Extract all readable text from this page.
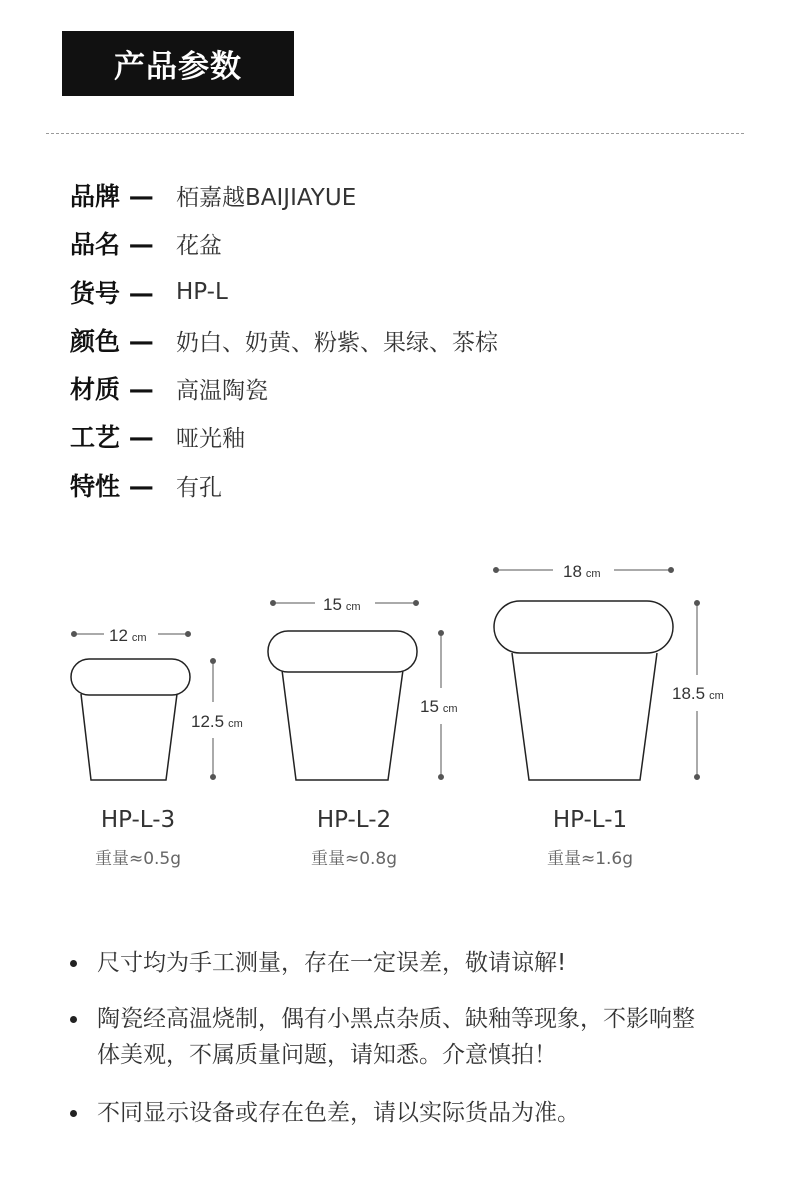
产品参数
品牌 — 栢嘉越BAIJIAYUE
品名 — 花盆
货号 — HP-L
颜色 — 奶白、奶黄、粉紫、果绿、茶棕
材质 — 高温陶瓷
工艺 — 哑光釉
特性 — 有孔
12 cm
12.5 cm
15 cm
15 cm
18 cm
18.5 cm
HP-L-3
重量≈0.5g
HP-L-2
重量≈0.8g
HP-L-1
重量≈1.6g
尺寸均为手工测量，存在一定误差，敬请谅解!
陶瓷经高温烧制，偶有小黑点杂质、缺釉等现象，不影响整体美观，不属质量问题，请知悉。介意慎拍！
不同显示设备或存在色差，请以实际货品为准。
